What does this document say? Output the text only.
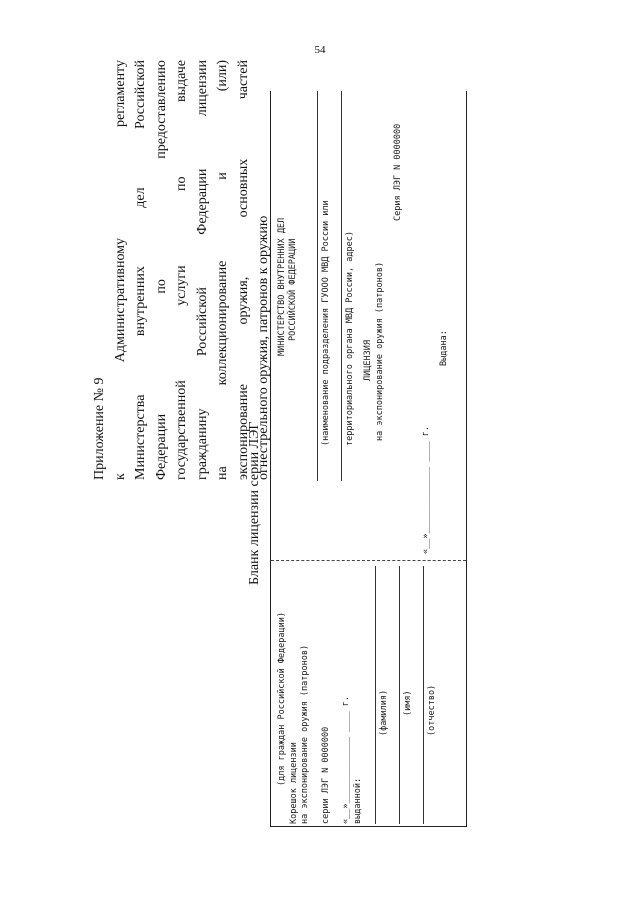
54
Приложение № 9 к Административному регламенту Министерства внутренних дел Российской Федерации по предоставлению государственной услуги по выдаче гражданину Российской Федерации лицензии на коллекционирование и (или) экспонирование оружия, основных частей огнестрельного оружия, патронов к оружию
Бланк лицензии серии ЛЭГ
(для граждан Российской Федерации) Корешок лицензии на экспонирование оружия (патронов) серии ЛЭГ N 0000000 «__»_____________ ____ г. выданной:
(фамилия) (имя) (отчество)
МИНИСТЕРСТВО ВНУТРЕННИХ ДЕЛ РОССИЙСКОЙ ФЕДЕРАЦИИ	(наименование подразделения ГУООО МВД России или территориального органа МВД России, адрес) ЛИЦЕНЗИЯ на экспонирование оружия (патронов)
Серия ЛЭГ N 0000000
«__»_____________ ____ г.
Выдана:
